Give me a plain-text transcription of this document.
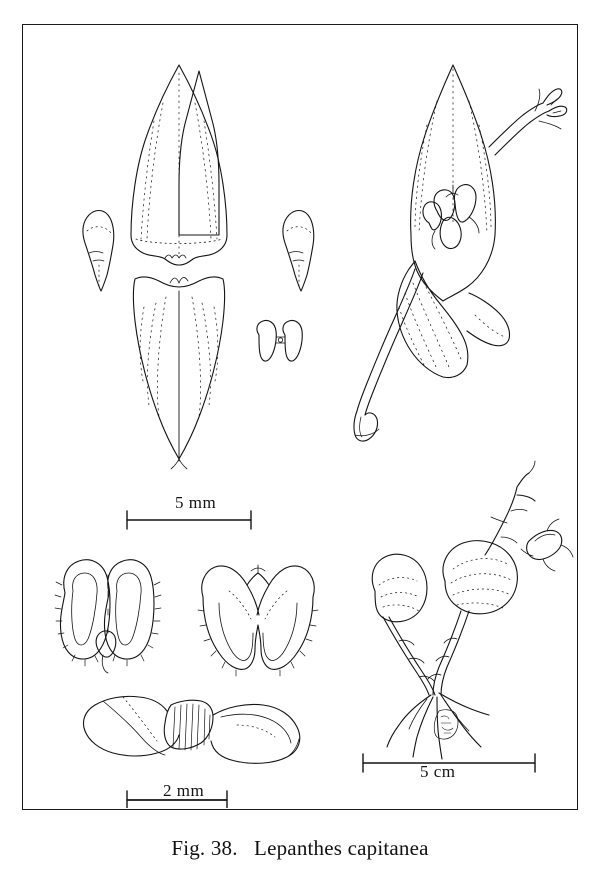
5 mm
2 mm
5 cm
Fig. 38. Lepanthes capitanea
